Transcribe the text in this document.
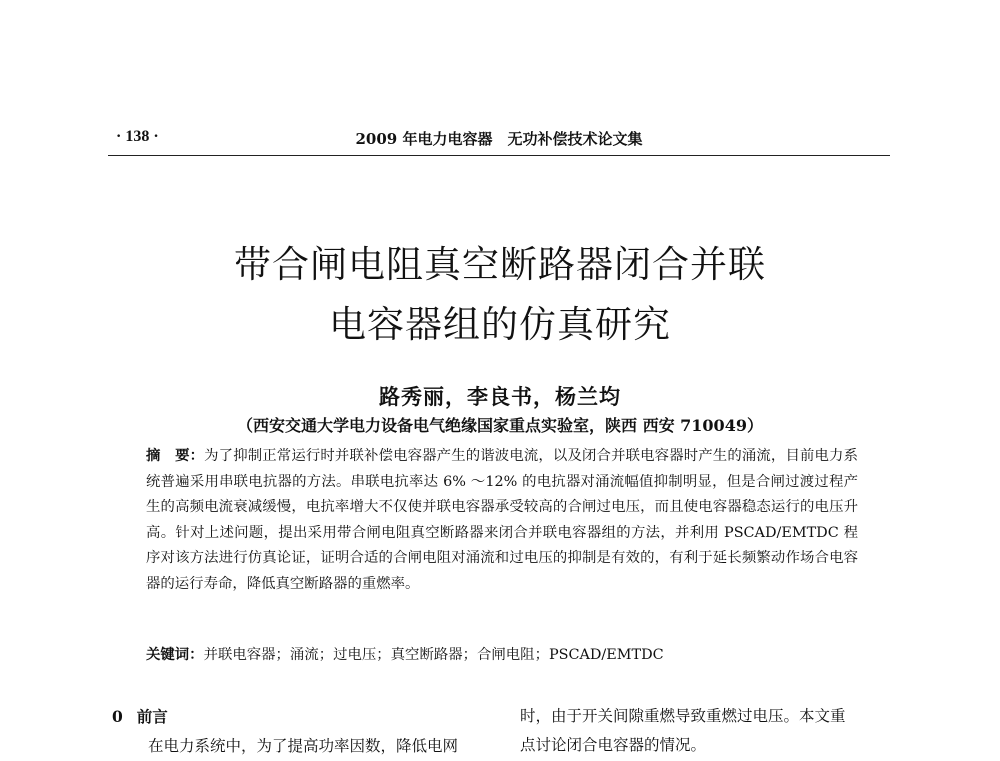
· 138 ·	2009 年电力电容器　无功补偿技术论文集
带合闸电阻真空断路器闭合并联
电容器组的仿真研究
路秀丽，李良书，杨兰均
（西安交通大学电力设备电气绝缘国家重点实验室，陕西 西安 710049）
摘　要：为了抑制正常运行时并联补偿电容器产生的谐波电流，以及闭合并联电容器时产生的涌流，目前电力系统普遍采用串联电抗器的方法。串联电抗率达 6% ～12% 的电抗器对涌流幅值抑制明显，但是合闸过渡过程产生的高频电流衰减缓慢，电抗率增大不仅使并联电容器承受较高的合闸过电压，而且使电容器稳态运行的电压升高。针对上述问题，提出采用带合闸电阻真空断路器来闭合并联电容器组的方法，并利用 PSCAD/EMTDC 程序对该方法进行仿真论证，证明合适的合闸电阻对涌流和过电压的抑制是有效的，有利于延长频繁动作场合电容器的运行寿命，降低真空断路器的重燃率。
关键词：并联电容器；涌流；过电压；真空断路器；合闸电阻；PSCAD/EMTDC
0 前言
在电力系统中，为了提高功率因数，降低电网
时，由于开关间隙重燃导致重燃过电压。本文重
点讨论闭合电容器的情况。
